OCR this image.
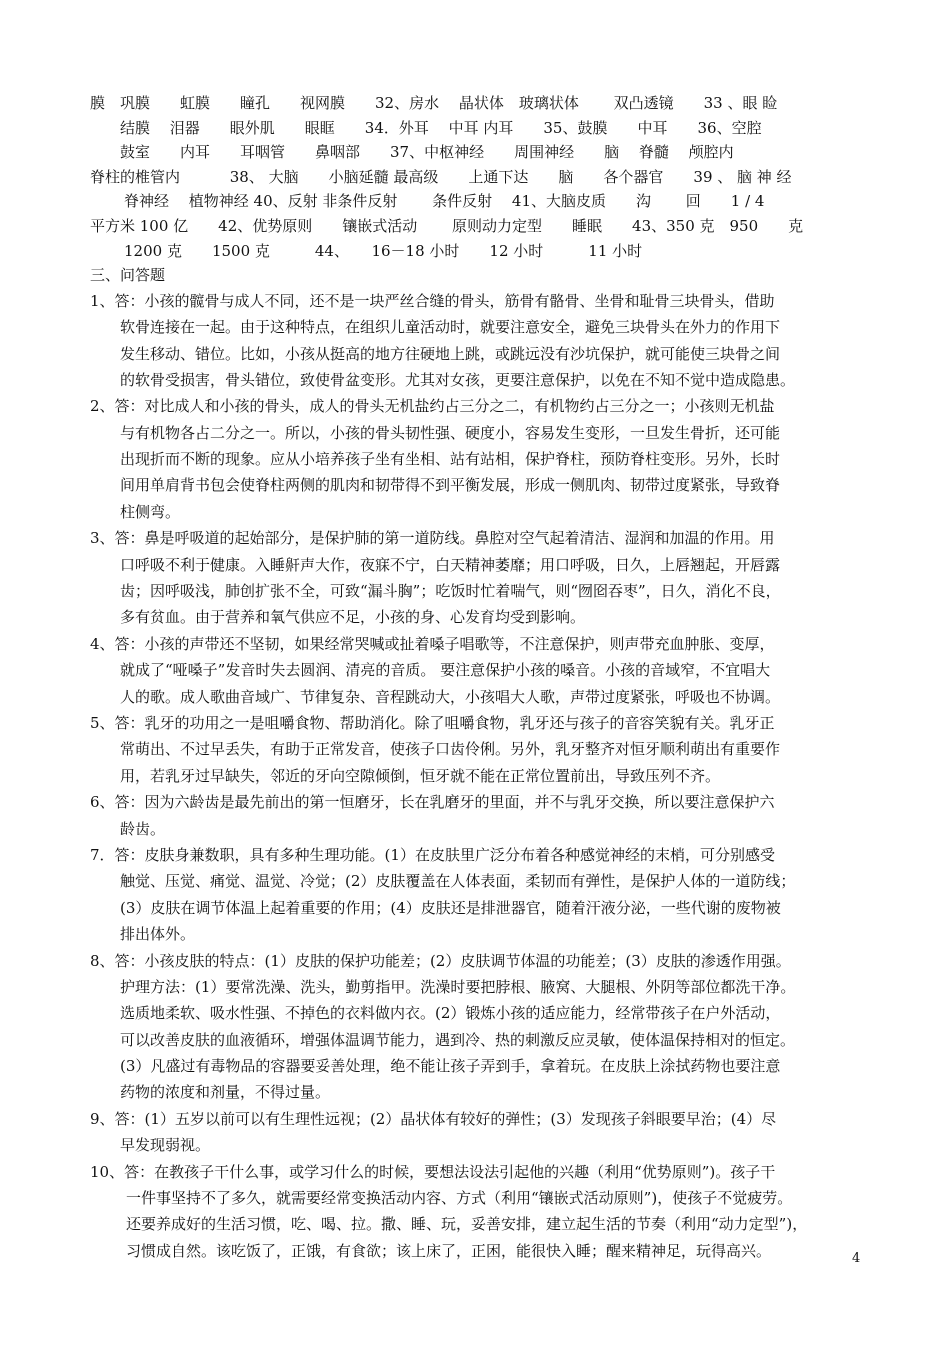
膜　巩膜　　虹膜　　瞳孔　　视网膜　　32、房水　 晶状体　玻璃状体　　 双凸透镜　　33 、眼 睑
结膜　 泪器　　眼外肌　　眼眶　　34．外耳　 中耳 内耳　　35、鼓膜　　中耳　　36、空腔
鼓室　　内耳　　耳咽管　　鼻咽部　　37、中枢神经　　周围神经　　脑　 脊髓　 颅腔内
脊柱的椎管内　　　 38、 大脑　　小脑延髓 最高级　　上通下达　　脑　　各个器官　　39 、 脑 神 经
脊神经　 植物神经 40、反射 非条件反射　　 条件反射　 41、大脑皮质　　沟　　 回　　1 / 4
平方米 100 亿　　42、优势原则　　镶嵌式活动　　 原则动力定型　　睡眠　　43、350 克　950　　克
1200 克　　1500 克　　　44、　　16－18 小时　　12 小时　　　11 小时
三、问答题
1、答：小孩的髋骨与成人不同，还不是一块严丝合缝的骨头，筋骨有骼骨、坐骨和耻骨三块骨头，借助
软骨连接在一起。由于这种特点，在组织儿童活动时，就要注意安全，避免三块骨头在外力的作用下
发生移动、错位。比如，小孩从挺高的地方往硬地上跳，或跳远没有沙坑保护，就可能使三块骨之间
的软骨受损害，骨头错位，致使骨盆变形。尤其对女孩，更要注意保护，以免在不知不觉中造成隐患。
2、答：对比成人和小孩的骨头，成人的骨头无机盐约占三分之二，有机物约占三分之一；小孩则无机盐
与有机物各占二分之一。所以，小孩的骨头韧性强、硬度小，容易发生变形，一旦发生骨折，还可能
出现折而不断的现象。应从小培养孩子坐有坐相、站有站相，保护脊柱，预防脊柱变形。另外，长时
间用单肩背书包会使脊柱两侧的肌肉和韧带得不到平衡发展，形成一侧肌肉、韧带过度紧张，导致脊
柱侧弯。
3、答：鼻是呼吸道的起始部分，是保护肺的第一道防线。鼻腔对空气起着清洁、湿润和加温的作用。用
口呼吸不利于健康。入睡鼾声大作，夜寐不宁，白天精神萎靡；用口呼吸，日久，上唇翘起，开唇露
齿；因呼吸浅，肺创扩张不全，可致“漏斗胸”；吃饭时忙着喘气，则“囫囵吞枣”，日久，消化不良，
多有贫血。由于营养和氧气供应不足，小孩的身、心发育均受到影响。
4、答：小孩的声带还不坚韧，如果经常哭喊或扯着嗓子唱歌等，不注意保护，则声带充血肿胀、变厚，
就成了“哑嗓子”发音时失去圆润、清亮的音质。 要注意保护小孩的嗓音。小孩的音域窄，不宜唱大
人的歌。成人歌曲音域广、节律复杂、音程跳动大，小孩唱大人歌，声带过度紧张，呼吸也不协调。
5、答：乳牙的功用之一是咀嚼食物、帮助消化。除了咀嚼食物，乳牙还与孩子的音容笑貌有关。乳牙正
常萌出、不过早丢失，有助于正常发音，使孩子口齿伶俐。另外，乳牙整齐对恒牙顺利萌出有重要作
用，若乳牙过早缺失，邻近的牙向空隙倾倒，恒牙就不能在正常位置前出，导致压列不齐。
6、答：因为六龄齿是最先前出的第一恒磨牙，长在乳磨牙的里面，并不与乳牙交换，所以要注意保护六
龄齿。
7．答：皮肤身兼数职，具有多种生理功能。(1）在皮肤里广泛分布着各种感觉神经的末梢，可分别感受
触觉、压觉、痛觉、温觉、冷觉；(2）皮肤覆盖在人体表面，柔韧而有弹性，是保护人体的一道防线；
(3）皮肤在调节体温上起着重要的作用；(4）皮肤还是排泄器官，随着汗液分泌，一些代谢的废物被
排出体外。
8、答：小孩皮肤的特点：(1）皮肤的保护功能差；(2）皮肤调节体温的功能差；(3）皮肤的渗透作用强。
护理方法：(1）要常洗澡、洗头，勤剪指甲。洗澡时要把脖根、腋窝、大腿根、外阴等部位都洗干净。
选质地柔软、吸水性强、不掉色的衣料做内衣。(2）锻炼小孩的适应能力，经常带孩子在户外活动，
可以改善皮肤的血液循环，增强体温调节能力，遇到冷、热的刺激反应灵敏，使体温保持相对的恒定。
(3）凡盛过有毒物品的容器要妥善处理，绝不能让孩子弄到手，拿着玩。在皮肤上涂拭药物也要注意
药物的浓度和剂量，不得过量。
9、答：(1）五岁以前可以有生理性远视；(2）晶状体有较好的弹性；(3）发现孩子斜眼要早治；(4）尽
早发现弱视。
10、答：在教孩子干什么事，或学习什么的时候，要想法设法引起他的兴趣（利用“优势原则”)。孩子干
一件事坚持不了多久，就需要经常变换活动内容、方式（利用“镶嵌式活动原则”)，使孩子不觉疲劳。
还要养成好的生活习惯，吃、喝、拉。撒、睡、玩，妥善安排，建立起生活的节奏（利用“动力定型”)，
习惯成自然。该吃饭了，正饿，有食欲；该上床了，正困，能很快入睡；醒来精神足，玩得高兴。	4
